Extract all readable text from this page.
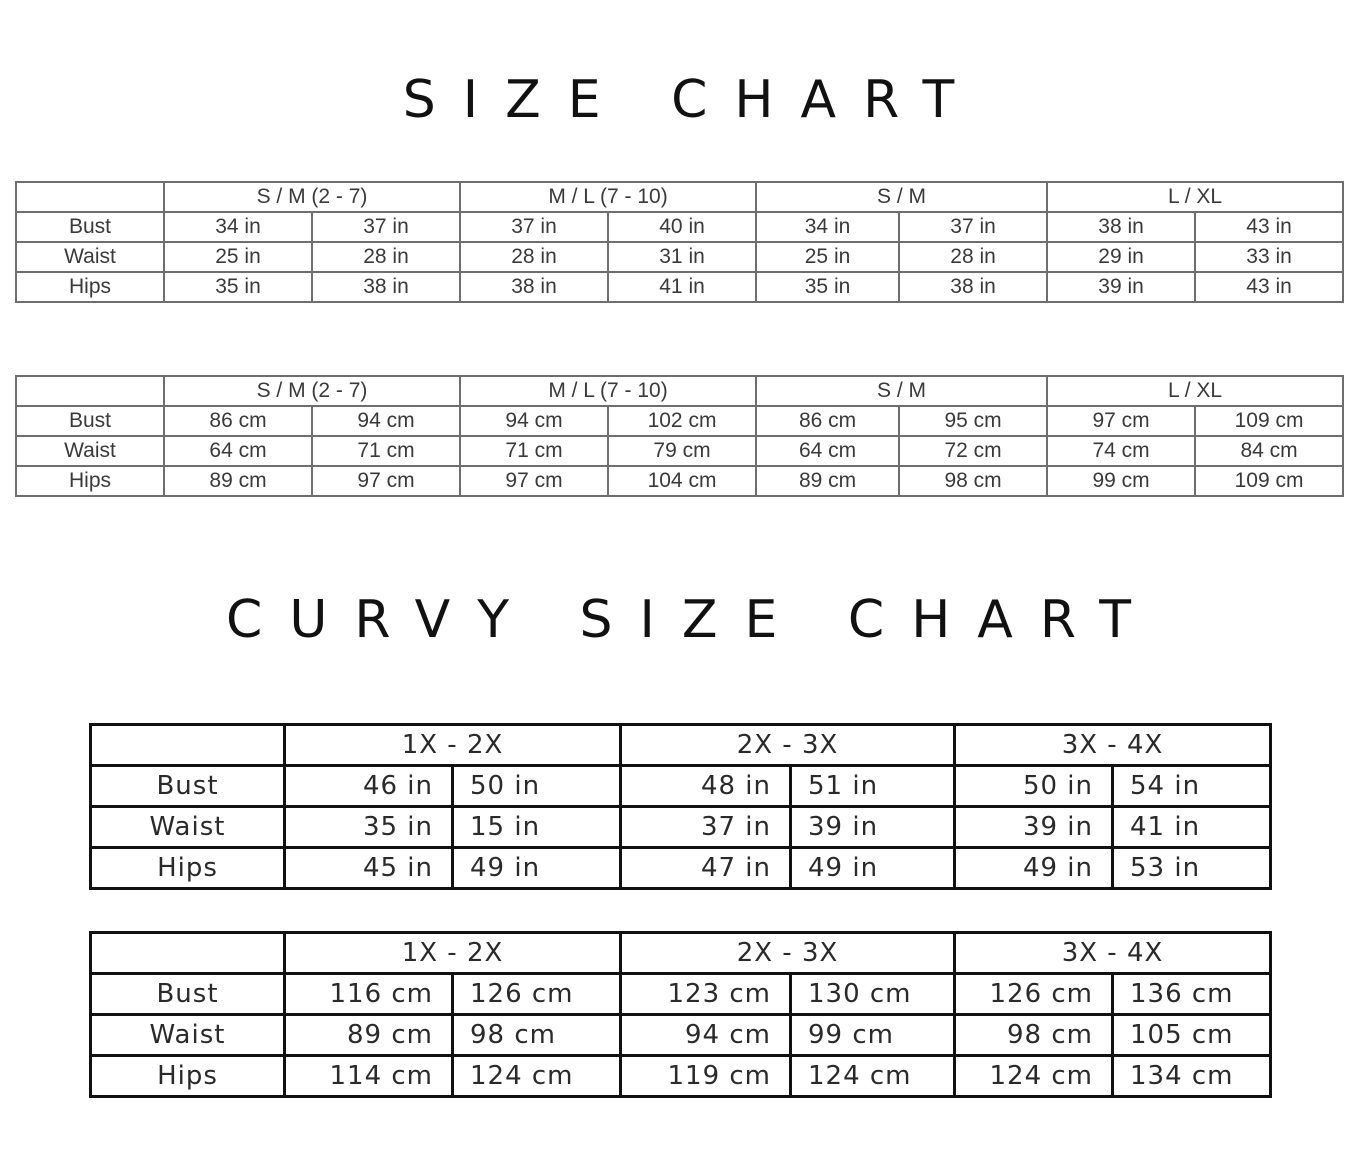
SIZE CHART
	S / M (2 - 7)		M / L (7 - 10)		S / M		L / XL	
Bust	34 in	37 in	37 in	40 in	34 in	37 in	38 in	43 in
Waist	25 in	28 in	28 in	31 in	25 in	28 in	29 in	33 in
Hips	35 in	38 in	38 in	41 in	35 in	38 in	39 in	43 in
	S / M (2 - 7)		M / L (7 - 10)		S / M		L / XL	
Bust	86 cm	94 cm	94 cm	102 cm	86 cm	95 cm	97 cm	109 cm
Waist	64 cm	71 cm	71 cm	79 cm	64 cm	72 cm	74 cm	84 cm
Hips	89 cm	97 cm	97 cm	104 cm	89 cm	98 cm	99 cm	109 cm
CURVY SIZE CHART
	1X - 2X		2X - 3X		3X - 4X	
Bust	46 in	50 in	48 in	51 in	50 in	54 in
Waist	35 in	15 in	37 in	39 in	39 in	41 in
Hips	45 in	49 in	47 in	49 in	49 in	53 in
	1X - 2X		2X - 3X		3X - 4X	
Bust	116 cm	126 cm	123 cm	130 cm	126 cm	136 cm
Waist	89 cm	98 cm	94 cm	99 cm	98 cm	105 cm
Hips	114 cm	124 cm	119 cm	124 cm	124 cm	134 cm
